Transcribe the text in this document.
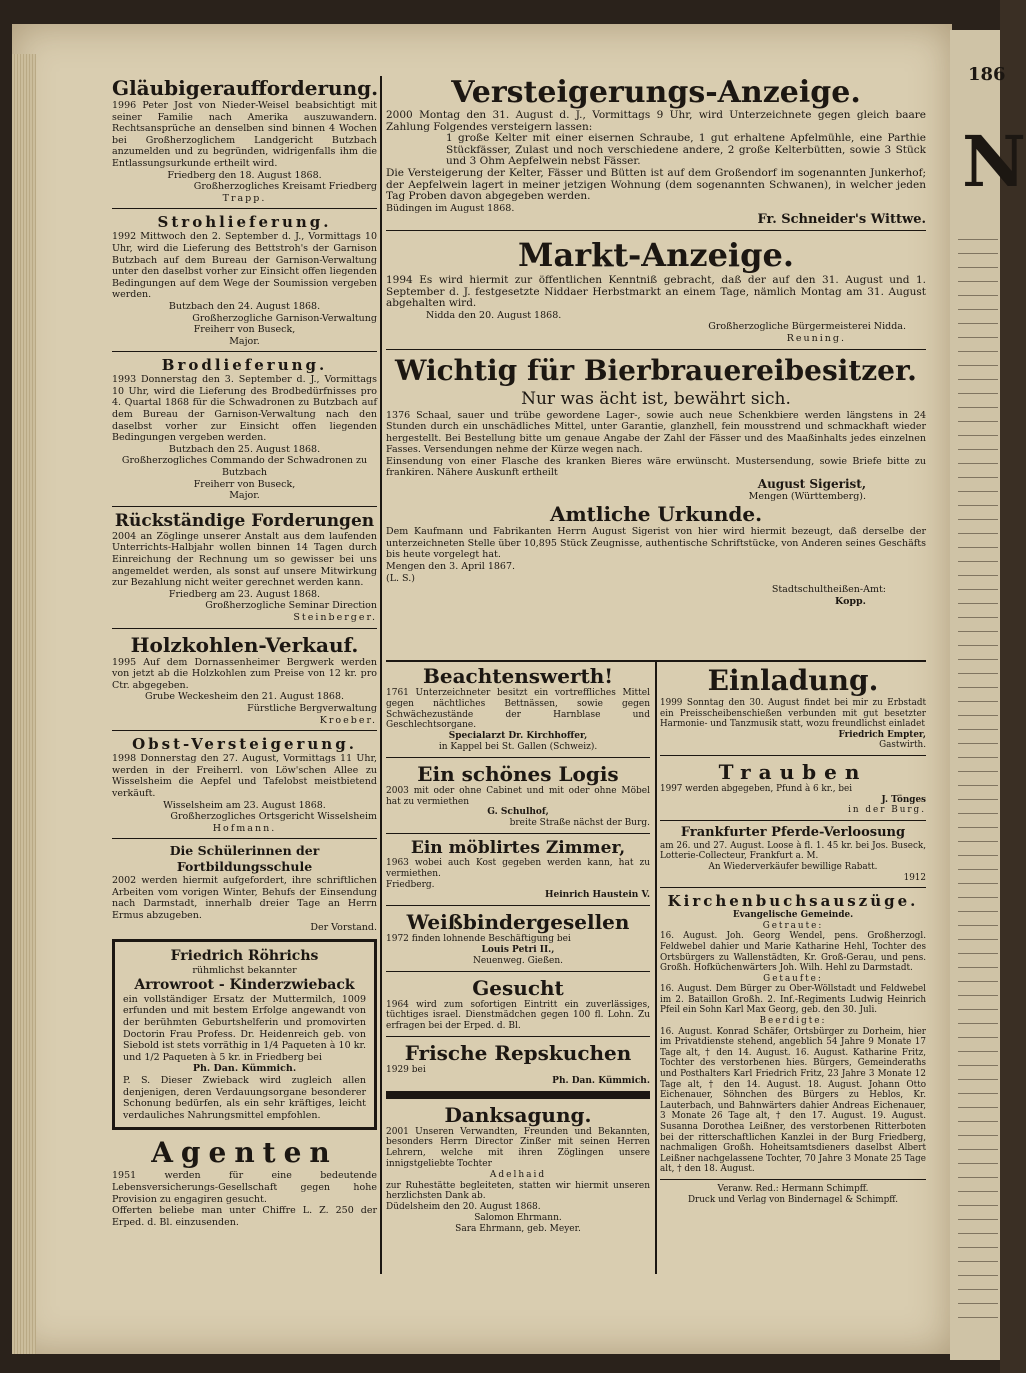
186
N
Gläubigeraufforderung.

1996 Peter Jost von Nieder-Weisel beabsichtigt mit seiner Familie nach Amerika auszuwandern. Rechtsansprüche an denselben sind binnen 4 Wochen bei Großherzoglichem Landgericht Butzbach anzumelden und zu begründen, widrigenfalls ihm die Entlassungsurkunde ertheilt wird.

Friedberg den 18. August 1868.

Großherzogliches Kreisamt Friedberg

Trapp.

Strohlieferung.

1992 Mittwoch den 2. September d. J., Vormittags 10 Uhr, wird die Lieferung des Bettstroh's der Garnison Butzbach auf dem Bureau der Garnison-Verwaltung unter den daselbst vorher zur Einsicht offen liegenden Bedingungen auf dem Wege der Soumission vergeben werden.

Butzbach den 24. August 1868.

Großherzogliche Garnison-Verwaltung

Freiherr von Buseck,

Major.

Brodlieferung.

1993 Donnerstag den 3. September d. J., Vormittags 10 Uhr, wird die Lieferung des Brodbedürfnisses pro 4. Quartal 1868 für die Schwadronen zu Butzbach auf dem Bureau der Garnison-Verwaltung nach den daselbst vorher zur Einsicht offen liegenden Bedingungen vergeben werden.

Butzbach den 25. August 1868.

Großherzogliches Commando der Schwadronen zu Butzbach

Freiherr von Buseck,

Major.

Rückständige Forderungen

2004 an Zöglinge unserer Anstalt aus dem laufenden Unterrichts-Halbjahr wollen binnen 14 Tagen durch Einreichung der Rechnung um so gewisser bei uns angemeldet werden, als sonst auf unsere Mitwirkung zur Bezahlung nicht weiter gerechnet werden kann.

Friedberg am 23. August 1868.

Großherzogliche Seminar Direction

Steinberger.

Holzkohlen-Verkauf.

1995 Auf dem Dornassenheimer Bergwerk werden von jetzt ab die Holzkohlen zum Preise von 12 kr. pro Ctr. abgegeben.

Grube Weckesheim den 21. August 1868.

Fürstliche Bergverwaltung

Kroeber.

Obst-Versteigerung.

1998 Donnerstag den 27. August, Vormittags 11 Uhr, werden in der Freiherrl. von Löw'schen Allee zu Wisselsheim die Aepfel und Tafelobst meistbietend verkäuft.

Wisselsheim am 23. August 1868.

Großherzogliches Ortsgericht Wisselsheim

Hofmann.

Die Schülerinnen der Fortbildungsschule

2002 werden hiermit aufgefordert, ihre schriftlichen Arbeiten vom vorigen Winter, Behufs der Einsendung nach Darmstadt, innerhalb dreier Tage an Herrn Ermus abzugeben.

Der Vorstand.

Friedrich Röhrichs
rühmlichst bekannter
Arrowroot - Kinderzwieback

ein vollständiger Ersatz der Muttermilch, 1009 erfunden und mit bestem Erfolge angewandt von der berühmten Geburtshelferin und promovirten Doctorin Frau Profess. Dr. Heidenreich geb. von Siebold ist stets vorräthig in 1/4 Paqueten à 10 kr. und 1/2 Paqueten à 5 kr. in Friedberg bei

Ph. Dan. Kümmich.

P. S. Dieser Zwieback wird zugleich allen denjenigen, deren Verdauungsorgane besonderer Schonung bedürfen, als ein sehr kräftiges, leicht verdauliches Nahrungsmittel empfohlen.

Agenten

1951 werden für eine bedeutende Lebensversicherungs-Gesellschaft gegen hohe Provision zu engagiren gesucht.

Offerten beliebe man unter Chiffre L. Z. 250 der Erped. d. Bl. einzusenden.

Versteigerungs-Anzeige.

2000 Montag den 31. August d. J., Vormittags 9 Uhr, wird Unterzeichnete gegen gleich baare Zahlung Folgendes versteigern lassen:

1 große Kelter mit einer eisernen Schraube, 1 gut erhaltene Apfelmühle, eine Parthie Stückfässer, Zulast und noch verschiedene andere, 2 große Kelterbütten, sowie 3 Stück und 3 Ohm Aepfelwein nebst Fässer.

Die Versteigerung der Kelter, Fässer und Bütten ist auf dem Großendorf im sogenannten Junkerhof; der Aepfelwein lagert in meiner jetzigen Wohnung (dem sogenannten Schwanen), in welcher jeden Tag Proben davon abgegeben werden.

Büdingen im August 1868.

Fr. Schneider's Wittwe.

Markt-Anzeige.

1994 Es wird hiermit zur öffentlichen Kenntniß gebracht, daß der auf den 31. August und 1. September d. J. festgesetzte Niddaer Herbstmarkt an einem Tage, nämlich Montag am 31. August abgehalten wird.

Nidda den 20. August 1868.

Großherzogliche Bürgermeisterei Nidda.

Reuning.

Wichtig für Bierbrauereibesitzer.
Nur was ächt ist, bewährt sich.

1376 Schaal, sauer und trübe gewordene Lager-, sowie auch neue Schenkbiere werden längstens in 24 Stunden durch ein unschädliches Mittel, unter Garantie, glanzhell, fein mousstrend und schmackhaft wieder hergestellt. Bei Bestellung bitte um genaue Angabe der Zahl der Fässer und des Maaßinhalts jedes einzelnen Fasses. Versendungen nehme der Kürze wegen nach.

Einsendung von einer Flasche des kranken Bieres wäre erwünscht. Mustersendung, sowie Briefe bitte zu frankiren. Nähere Auskunft ertheilt

August Sigerist,

Mengen (Württemberg).

Amtliche Urkunde.

Dem Kaufmann und Fabrikanten Herrn August Sigerist von hier wird hiermit bezeugt, daß derselbe der unterzeichneten Stelle über 10,895 Stück Zeugnisse, authentische Schriftstücke, von Anderen seines Geschäfts bis heute vorgelegt hat.

Mengen den 3. April 1867.

(L. S.)

Stadtschultheißen-Amt:

Kopp.

Beachtenswerth!

1761 Unterzeichneter besitzt ein vortreffliches Mittel gegen nächtliches Bettnässen, sowie gegen Schwächezustände der Harnblase und Geschlechtsorgane.

Specialarzt Dr. Kirchhoffer,

in Kappel bei St. Gallen (Schweiz).

Ein schönes Logis

2003 mit oder ohne Cabinet und mit oder ohne Möbel hat zu vermiethen

G. Schulhof,

breite Straße nächst der Burg.

Ein möblirtes Zimmer,

1963 wobei auch Kost gegeben werden kann, hat zu vermiethen.

Friedberg.

Heinrich Haustein V.

Weißbindergesellen

1972 finden lohnende Beschäftigung bei

Louis Petri II.,

Neuenweg. Gießen.

Gesucht

1964 wird zum sofortigen Eintritt ein zuverlässiges, tüchtiges israel. Dienstmädchen gegen 100 fl. Lohn. Zu erfragen bei der Erped. d. Bl.

Frische Repskuchen

1929 bei

Ph. Dan. Kümmich.

Danksagung.

2001 Unseren Verwandten, Freunden und Bekannten, besonders Herrn Director Zinßer mit seinen Herren Lehrern, welche mit ihren Zöglingen unsere innigstgeliebte Tochter

Adelhaid

zur Ruhestätte begleiteten, statten wir hiermit unseren herzlichsten Dank ab.

Düdelsheim den 20. August 1868.

Salomon Ehrmann.

Sara Ehrmann, geb. Meyer.

Einladung.

1999 Sonntag den 30. August findet bei mir zu Erbstadt ein Preisscheibenschießen verbunden mit gut besetzter Harmonie- und Tanzmusik statt, wozu freundlichst einladet

Friedrich Empter,

Gastwirth.

Trauben

1997 werden abgegeben, Pfund à 6 kr., bei

J. Tönges

in der Burg.

Frankfurter Pferde-Verloosung

am 26. und 27. August. Loose à fl. 1. 45 kr. bei Jos. Buseck, Lotterie-Collecteur, Frankfurt a. M.

An Wiederverkäufer bewillige Rabatt.

1912

Kirchenbuchsauszüge.

Evangelische Gemeinde.

Getraute:

16. August. Joh. Georg Wendel, pens. Großherzogl. Feldwebel dahier und Marie Katharine Hehl, Tochter des Ortsbürgers zu Wallenstädten, Kr. Groß-Gerau, und pens. Großh. Hofküchenwärters Joh. Wilh. Hehl zu Darmstadt.

Getaufte:

16. August. Dem Bürger zu Ober-Wöllstadt und Feldwebel im 2. Bataillon Großh. 2. Inf.-Regiments Ludwig Heinrich Pfeil ein Sohn Karl Max Georg, geb. den 30. Juli.

Beerdigte:

16. August. Konrad Schäfer, Ortsbürger zu Dorheim, hier im Privatdienste stehend, angeblich 54 Jahre 9 Monate 17 Tage alt, † den 14. August. 16. August. Katharine Fritz, Tochter des verstorbenen hies. Bürgers, Gemeinderaths und Posthalters Karl Friedrich Fritz, 23 Jahre 3 Monate 12 Tage alt, † den 14. August. 18. August. Johann Otto Eichenauer, Söhnchen des Bürgers zu Heblos, Kr. Lauterbach, und Bahnwärters dahier Andreas Eichenauer, 3 Monate 26 Tage alt, † den 17. August. 19. August. Susanna Dorothea Leißner, des verstorbenen Ritterboten bei der ritterschaftlichen Kanzlei in der Burg Friedberg, nachmaligen Großh. Hoheitsamtsdieners daselbst Albert Leißner nachgelassene Tochter, 70 Jahre 3 Monate 25 Tage alt, † den 18. August.

Veranw. Red.: Hermann Schimpff.

Druck und Verlag von Bindernagel & Schimpff.
